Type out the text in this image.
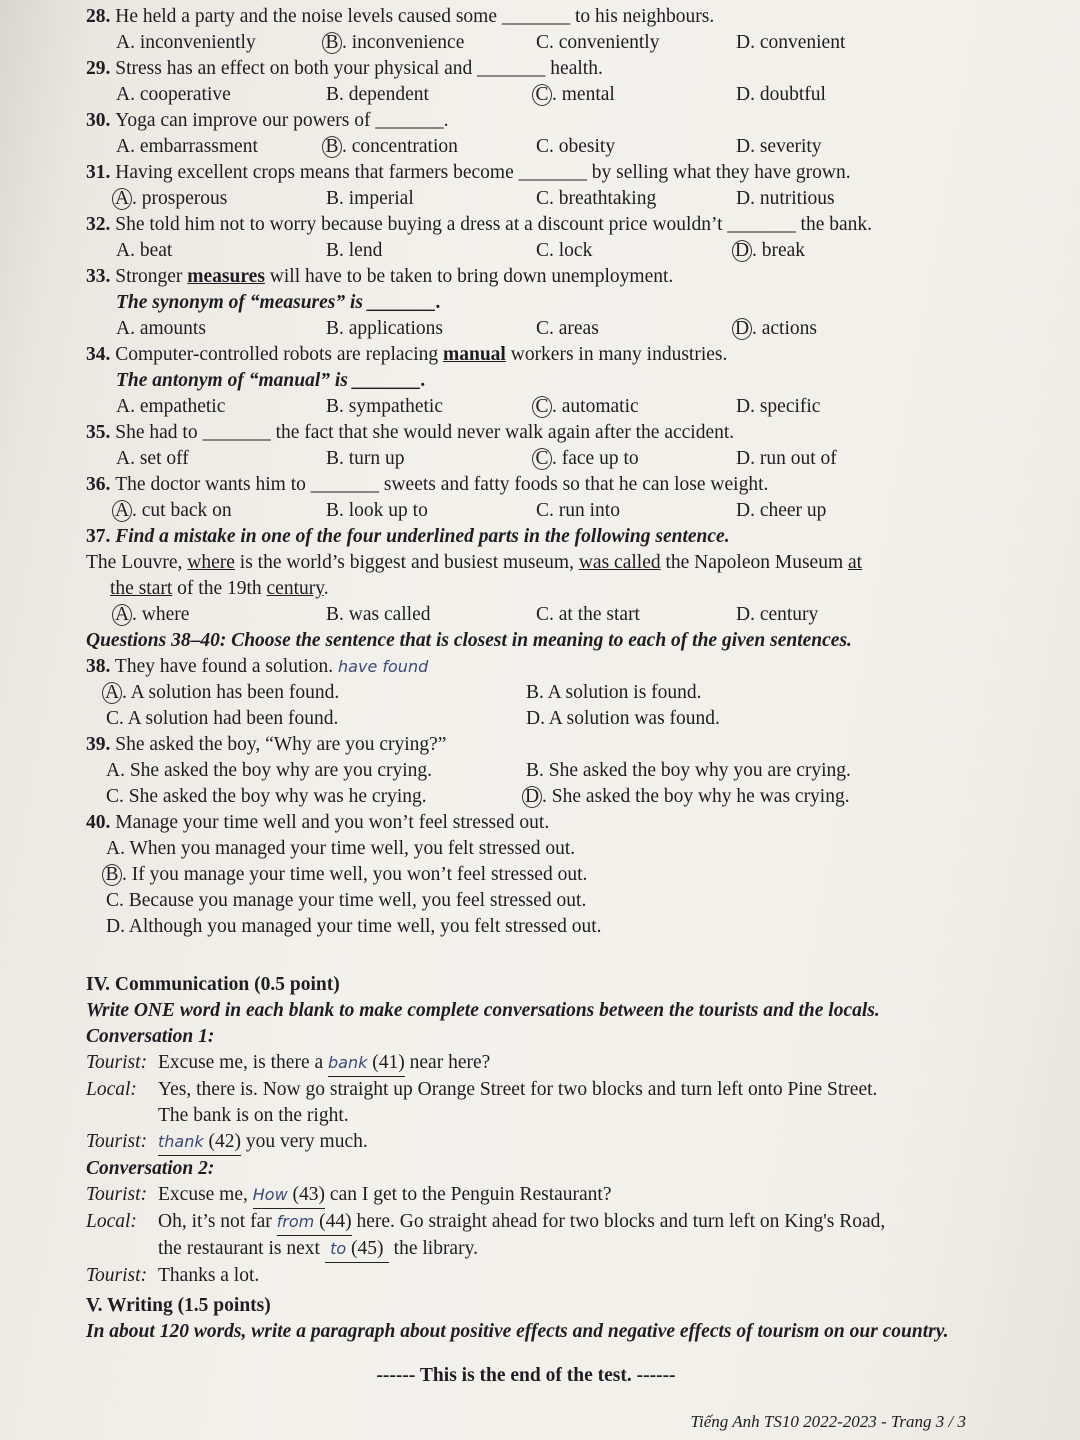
28. He held a party and the noise levels caused some _______ to his neighbours.
A. inconveniently	B . inconvenience	C. conveniently	D. convenient
29. Stress has an effect on both your physical and _______ health.
A. cooperative	B. dependent	C . mental	D. doubtful
30. Yoga can improve our powers of _______.
A. embarrassment	B . concentration	C. obesity	D. severity
31. Having excellent crops means that farmers become _______ by selling what they have grown.
A . prosperous	B. imperial	C. breathtaking	D. nutritious
32. She told him not to worry because buying a dress at a discount price wouldn’t _______ the bank.
A. beat	B. lend	C. lock	D . break
33. Stronger measures will have to be taken to bring down unemployment.
The synonym of “measures” is _______.
A. amounts	B. applications	C. areas	D . actions
34. Computer-controlled robots are replacing manual workers in many industries.
The antonym of “manual” is _______.
A. empathetic	B. sympathetic	C . automatic	D. specific
35. She had to _______ the fact that she would never walk again after the accident.
A. set off	B. turn up	C . face up to	D. run out of
36. The doctor wants him to _______ sweets and fatty foods so that he can lose weight.
A . cut back on	B. look up to	C. run into	D. cheer up
37. Find a mistake in one of the four underlined parts in the following sentence.
The Louvre, where is the world’s biggest and busiest museum, was called the Napoleon Museum at
the start of the 19th century.
A . where	B. was called	C. at the start	D. century
Questions 38–40: Choose the sentence that is closest in meaning to each of the given sentences.
38. They have found a solution. have found
A . A solution has been found.	B. A solution is found.
C. A solution had been found.	D. A solution was found.
39. She asked the boy, “Why are you crying?”
A. She asked the boy why are you crying.	B. She asked the boy why you are crying.
C. She asked the boy why was he crying.	D . She asked the boy why he was crying.
40. Manage your time well and you won’t feel stressed out.
A. When you managed your time well, you felt stressed out.
B . If you manage your time well, you won’t feel stressed out.
C. Because you manage your time well, you feel stressed out.
D. Although you managed your time well, you felt stressed out.
IV. Communication (0.5 point)
Write ONE word in each blank to make complete conversations between the tourists and the locals.
Conversation 1:
Tourist: Excuse me, is there a bank (41) near here?
Local: Yes, there is. Now go straight up Orange Street for two blocks and turn left onto Pine Street.
The bank is on the right.
Tourist: thank (42) you very much.
Conversation 2:
Tourist: Excuse me, How (43) can I get to the Penguin Restaurant?
Local: Oh, it’s not far from (44) here. Go straight ahead for two blocks and turn left on King's Road,
the restaurant is next to (45) the library.
Tourist: Thanks a lot.
V. Writing (1.5 points)
In about 120 words, write a paragraph about positive effects and negative effects of tourism on our country.
------ This is the end of the test. ------
Tiếng Anh TS10 2022-2023 - Trang 3 / 3
